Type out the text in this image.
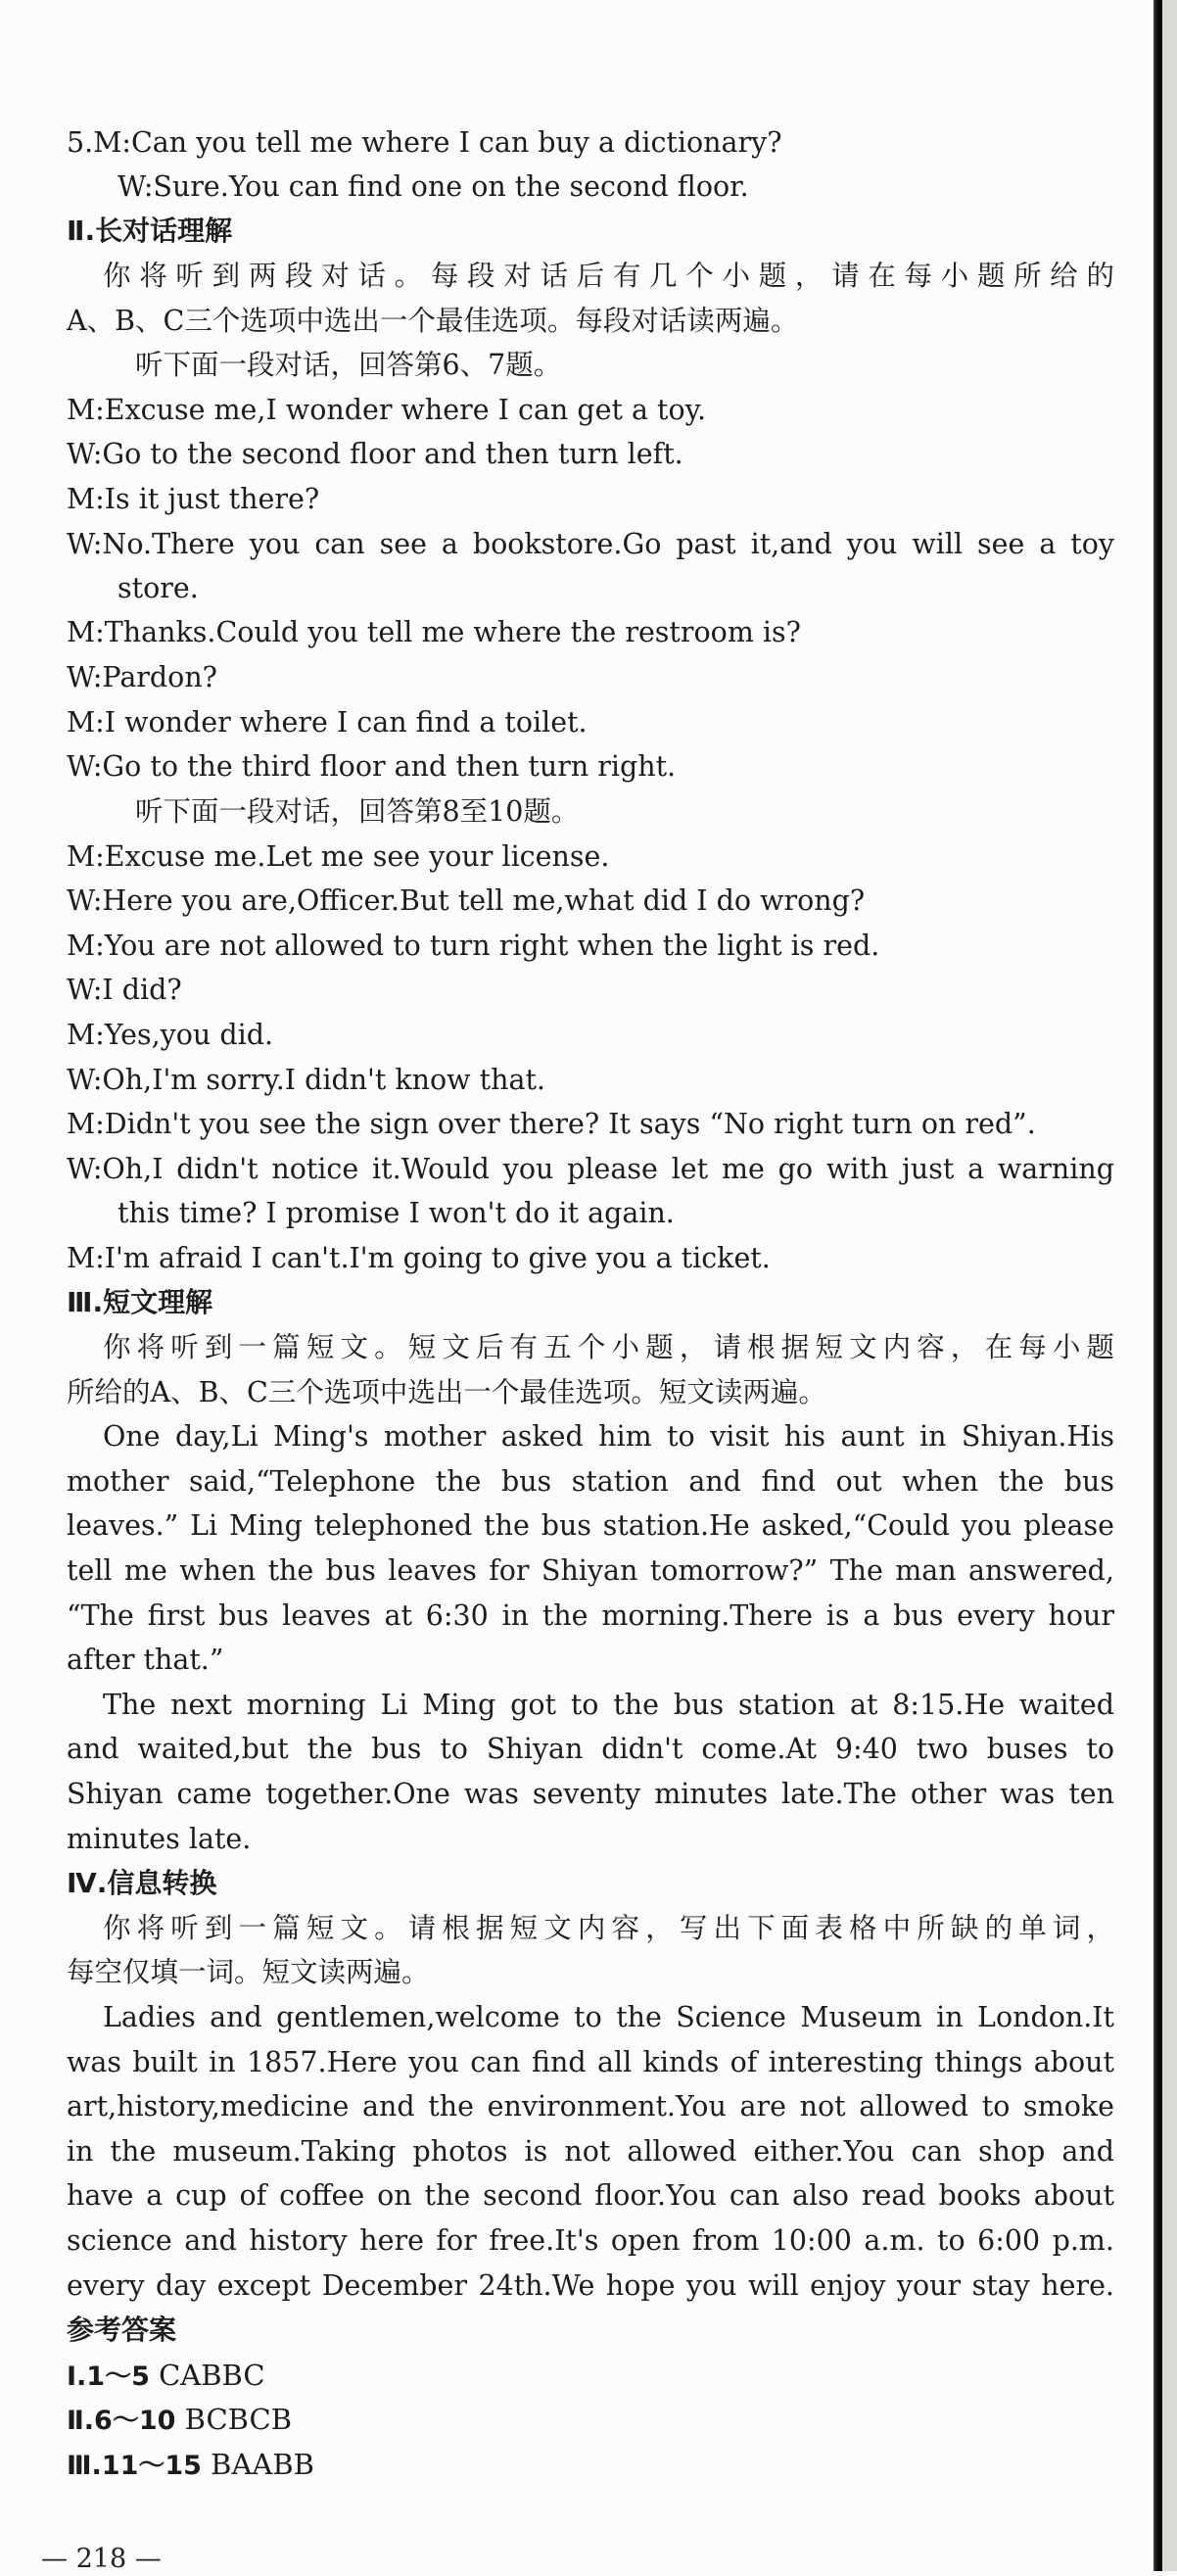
5.M:Can you tell me where I can buy a dictionary?
W:Sure.You can find one on the second floor.
Ⅱ.长对话理解
你将听到两段对话。每段对话后有几个小题，请在每小题所给的
A、B、C三个选项中选出一个最佳选项。每段对话读两遍。
听下面一段对话，回答第6、7题。
M:Excuse me,I wonder where I can get a toy.
W:Go to the second floor and then turn left.
M:Is it just there?
W:No.There you can see a bookstore.Go past it,and you will see a toy
store.
M:Thanks.Could you tell me where the restroom is?
W:Pardon?
M:I wonder where I can find a toilet.
W:Go to the third floor and then turn right.
听下面一段对话，回答第8至10题。
M:Excuse me.Let me see your license.
W:Here you are,Officer.But tell me,what did I do wrong?
M:You are not allowed to turn right when the light is red.
W:I did?
M:Yes,you did.
W:Oh,I'm sorry.I didn't know that.
M:Didn't you see the sign over there? It says “No right turn on red”.
W:Oh,I didn't notice it.Would you please let me go with just a warning
this time? I promise I won't do it again.
M:I'm afraid I can't.I'm going to give you a ticket.
Ⅲ.短文理解
你将听到一篇短文。短文后有五个小题，请根据短文内容，在每小题
所给的A、B、C三个选项中选出一个最佳选项。短文读两遍。
One day,Li Ming's mother asked him to visit his aunt in Shiyan.His
mother said,“Telephone the bus station and find out when the bus
leaves.” Li Ming telephoned the bus station.He asked,“Could you please
tell me when the bus leaves for Shiyan tomorrow?” The man answered,
“The first bus leaves at 6:30 in the morning.There is a bus every hour
after that.”
The next morning Li Ming got to the bus station at 8:15.He waited
and waited,but the bus to Shiyan didn't come.At 9:40 two buses to
Shiyan came together.One was seventy minutes late.The other was ten
minutes late.
Ⅳ.信息转换
你将听到一篇短文。请根据短文内容，写出下面表格中所缺的单词，
每空仅填一词。短文读两遍。
Ladies and gentlemen,welcome to the Science Museum in London.It
was built in 1857.Here you can find all kinds of interesting things about
art,history,medicine and the environment.You are not allowed to smoke
in the museum.Taking photos is not allowed either.You can shop and
have a cup of coffee on the second floor.You can also read books about
science and history here for free.It's open from 10:00 a.m. to 6:00 p.m.
every day except December 24th.We hope you will enjoy your stay here.
参考答案
Ⅰ.1～5 CABBC
Ⅱ.6～10 BCBCB
Ⅲ.11～15 BAABB
— 218 —
